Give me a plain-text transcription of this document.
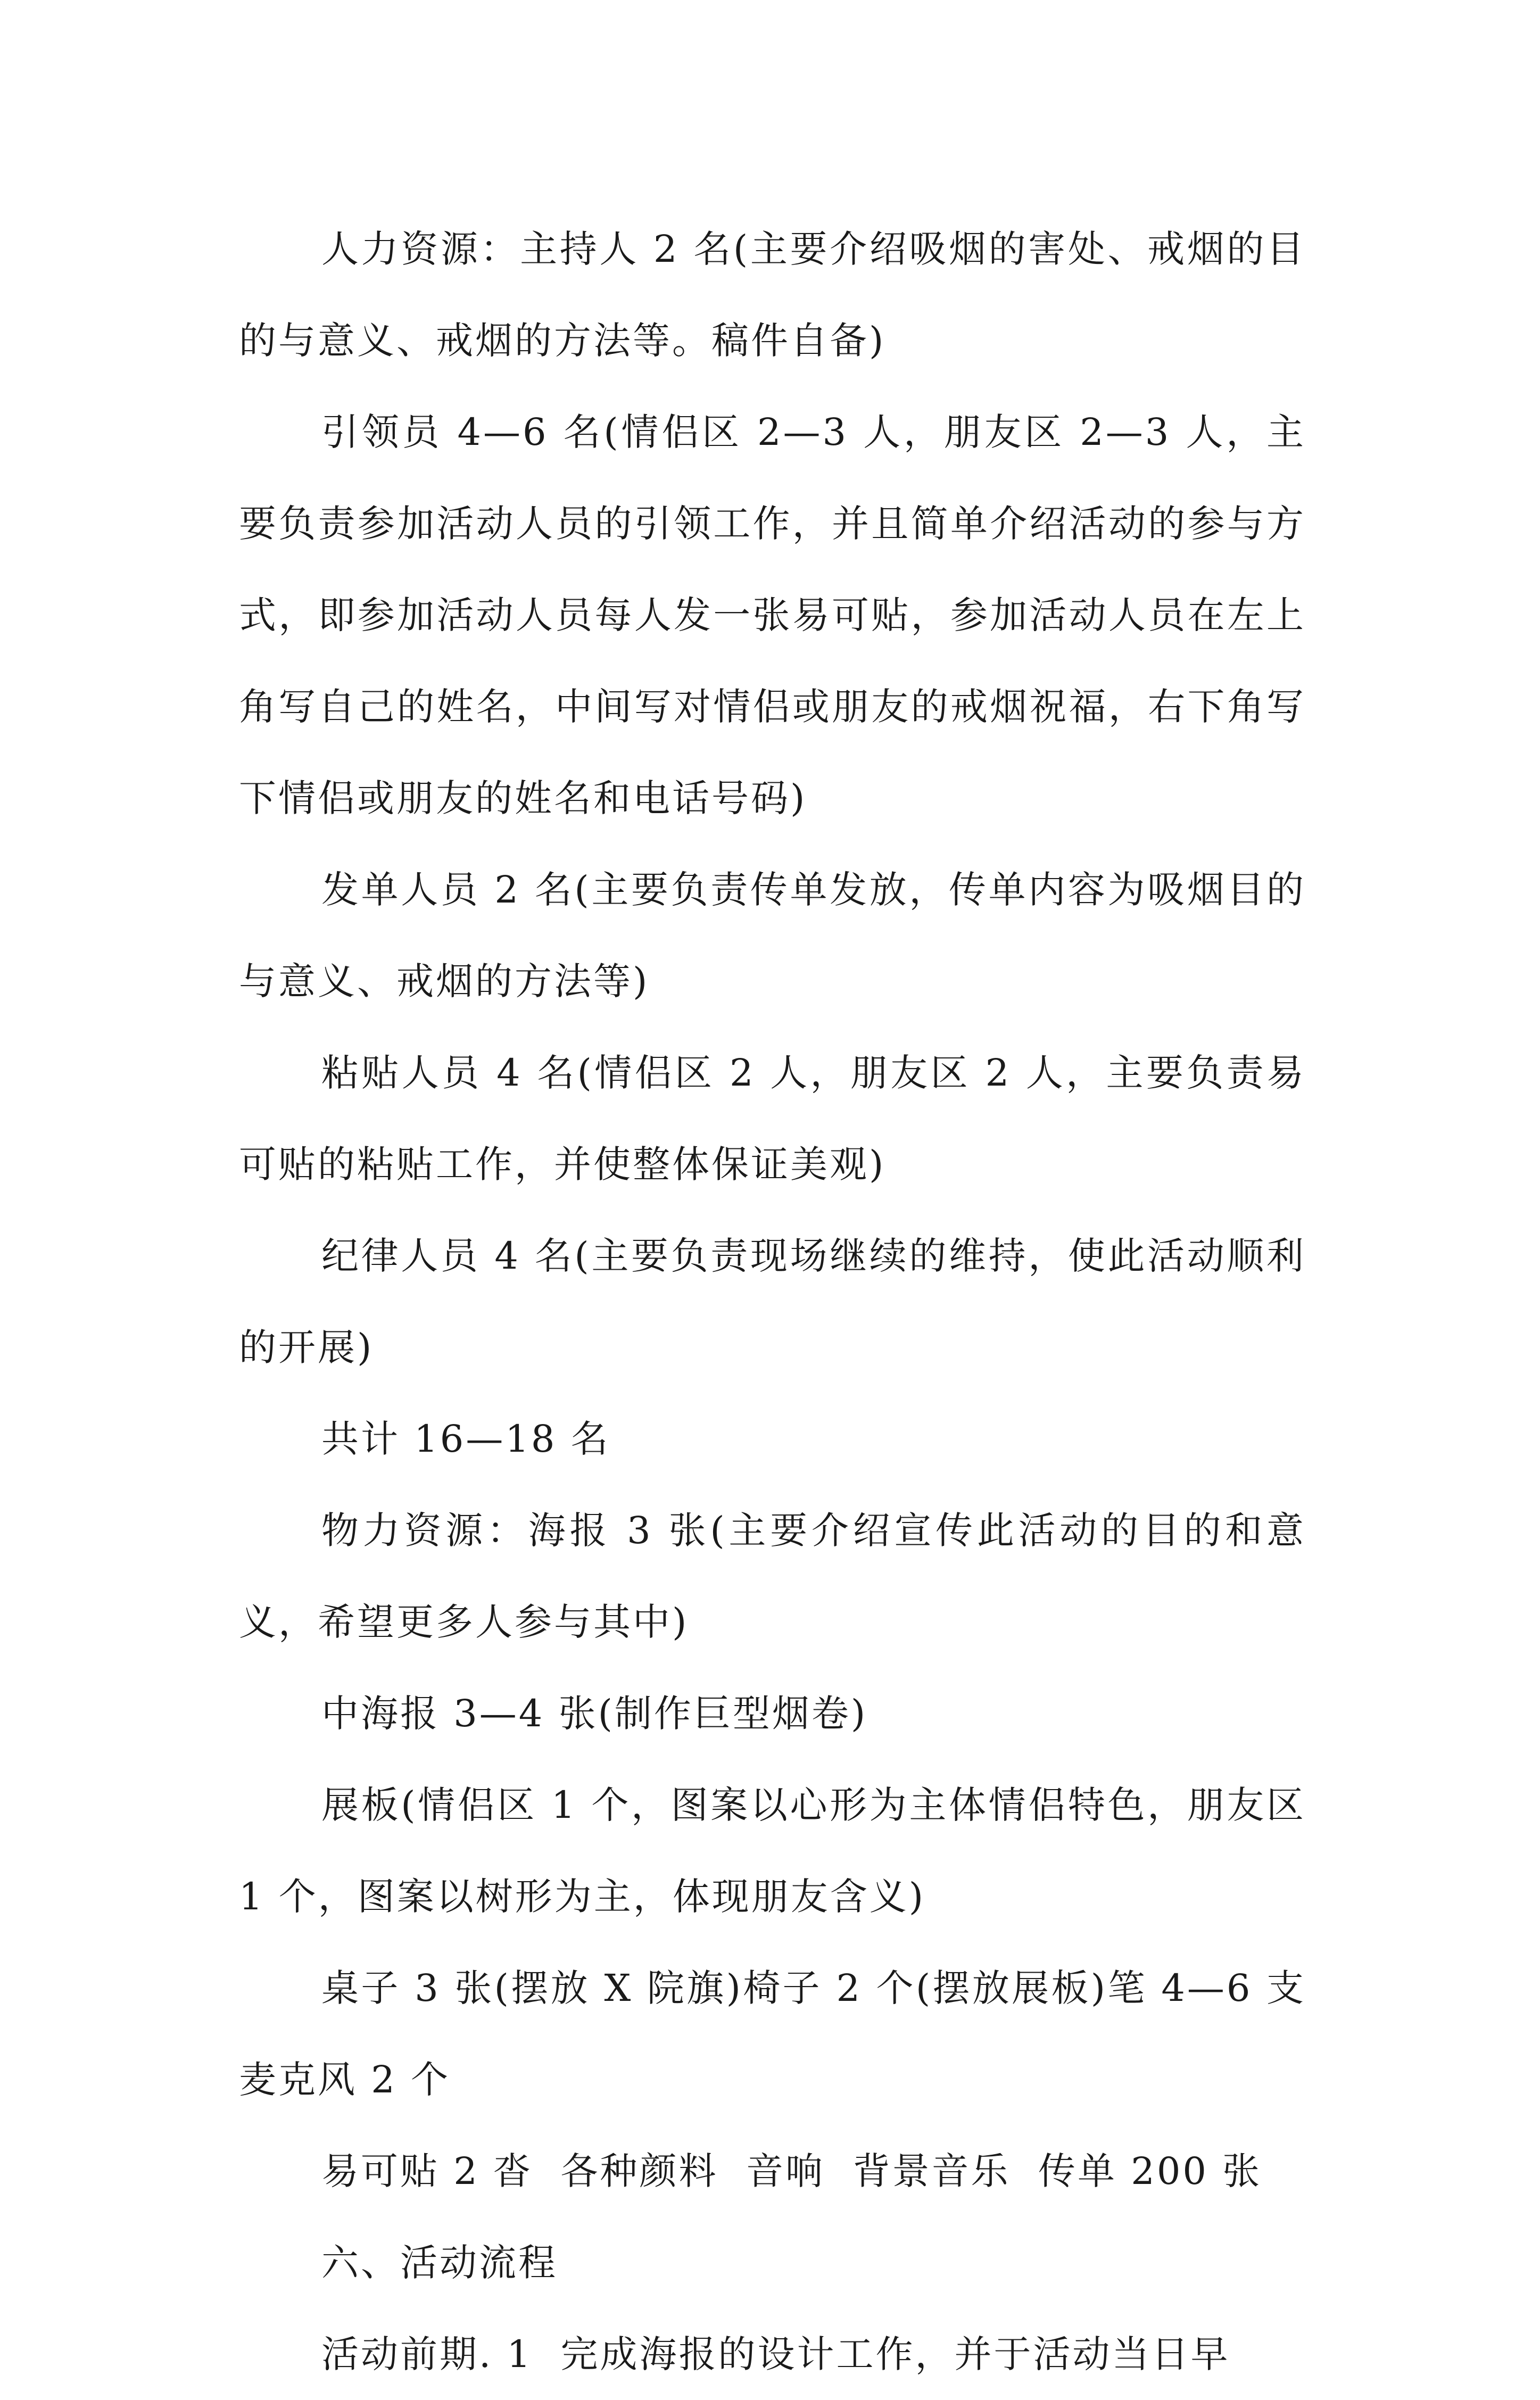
人力资源：主持人 2 名(主要介绍吸烟的害处、戒烟的目的与意义、戒烟的方法等。稿件自备)

引领员 4—6 名(情侣区 2—3 人，朋友区 2—3 人，主要负责参加活动人员的引领工作，并且简单介绍活动的参与方式，即参加活动人员每人发一张易可贴，参加活动人员在左上角写自己的姓名，中间写对情侣或朋友的戒烟祝福，右下角写下情侣或朋友的姓名和电话号码)

发单人员 2 名(主要负责传单发放，传单内容为吸烟目的与意义、戒烟的方法等)

粘贴人员 4 名(情侣区 2 人，朋友区 2 人，主要负责易可贴的粘贴工作，并使整体保证美观)

纪律人员 4 名(主要负责现场继续的维持，使此活动顺利的开展)

共计 16—18 名

物力资源：海报 3 张(主要介绍宣传此活动的目的和意义，希望更多人参与其中)

中海报 3—4 张(制作巨型烟卷)

展板(情侣区 1 个，图案以心形为主体情侣特色，朋友区 1 个，图案以树形为主，体现朋友含义)

桌子 3 张(摆放 X 院旗)椅子 2 个(摆放展板)笔 4—6 支麦克风 2 个

易可贴 2 沓  各种颜料  音响  背景音乐  传单 200 张

六、活动流程

活动前期. 1  完成海报的设计工作，并于活动当日早
